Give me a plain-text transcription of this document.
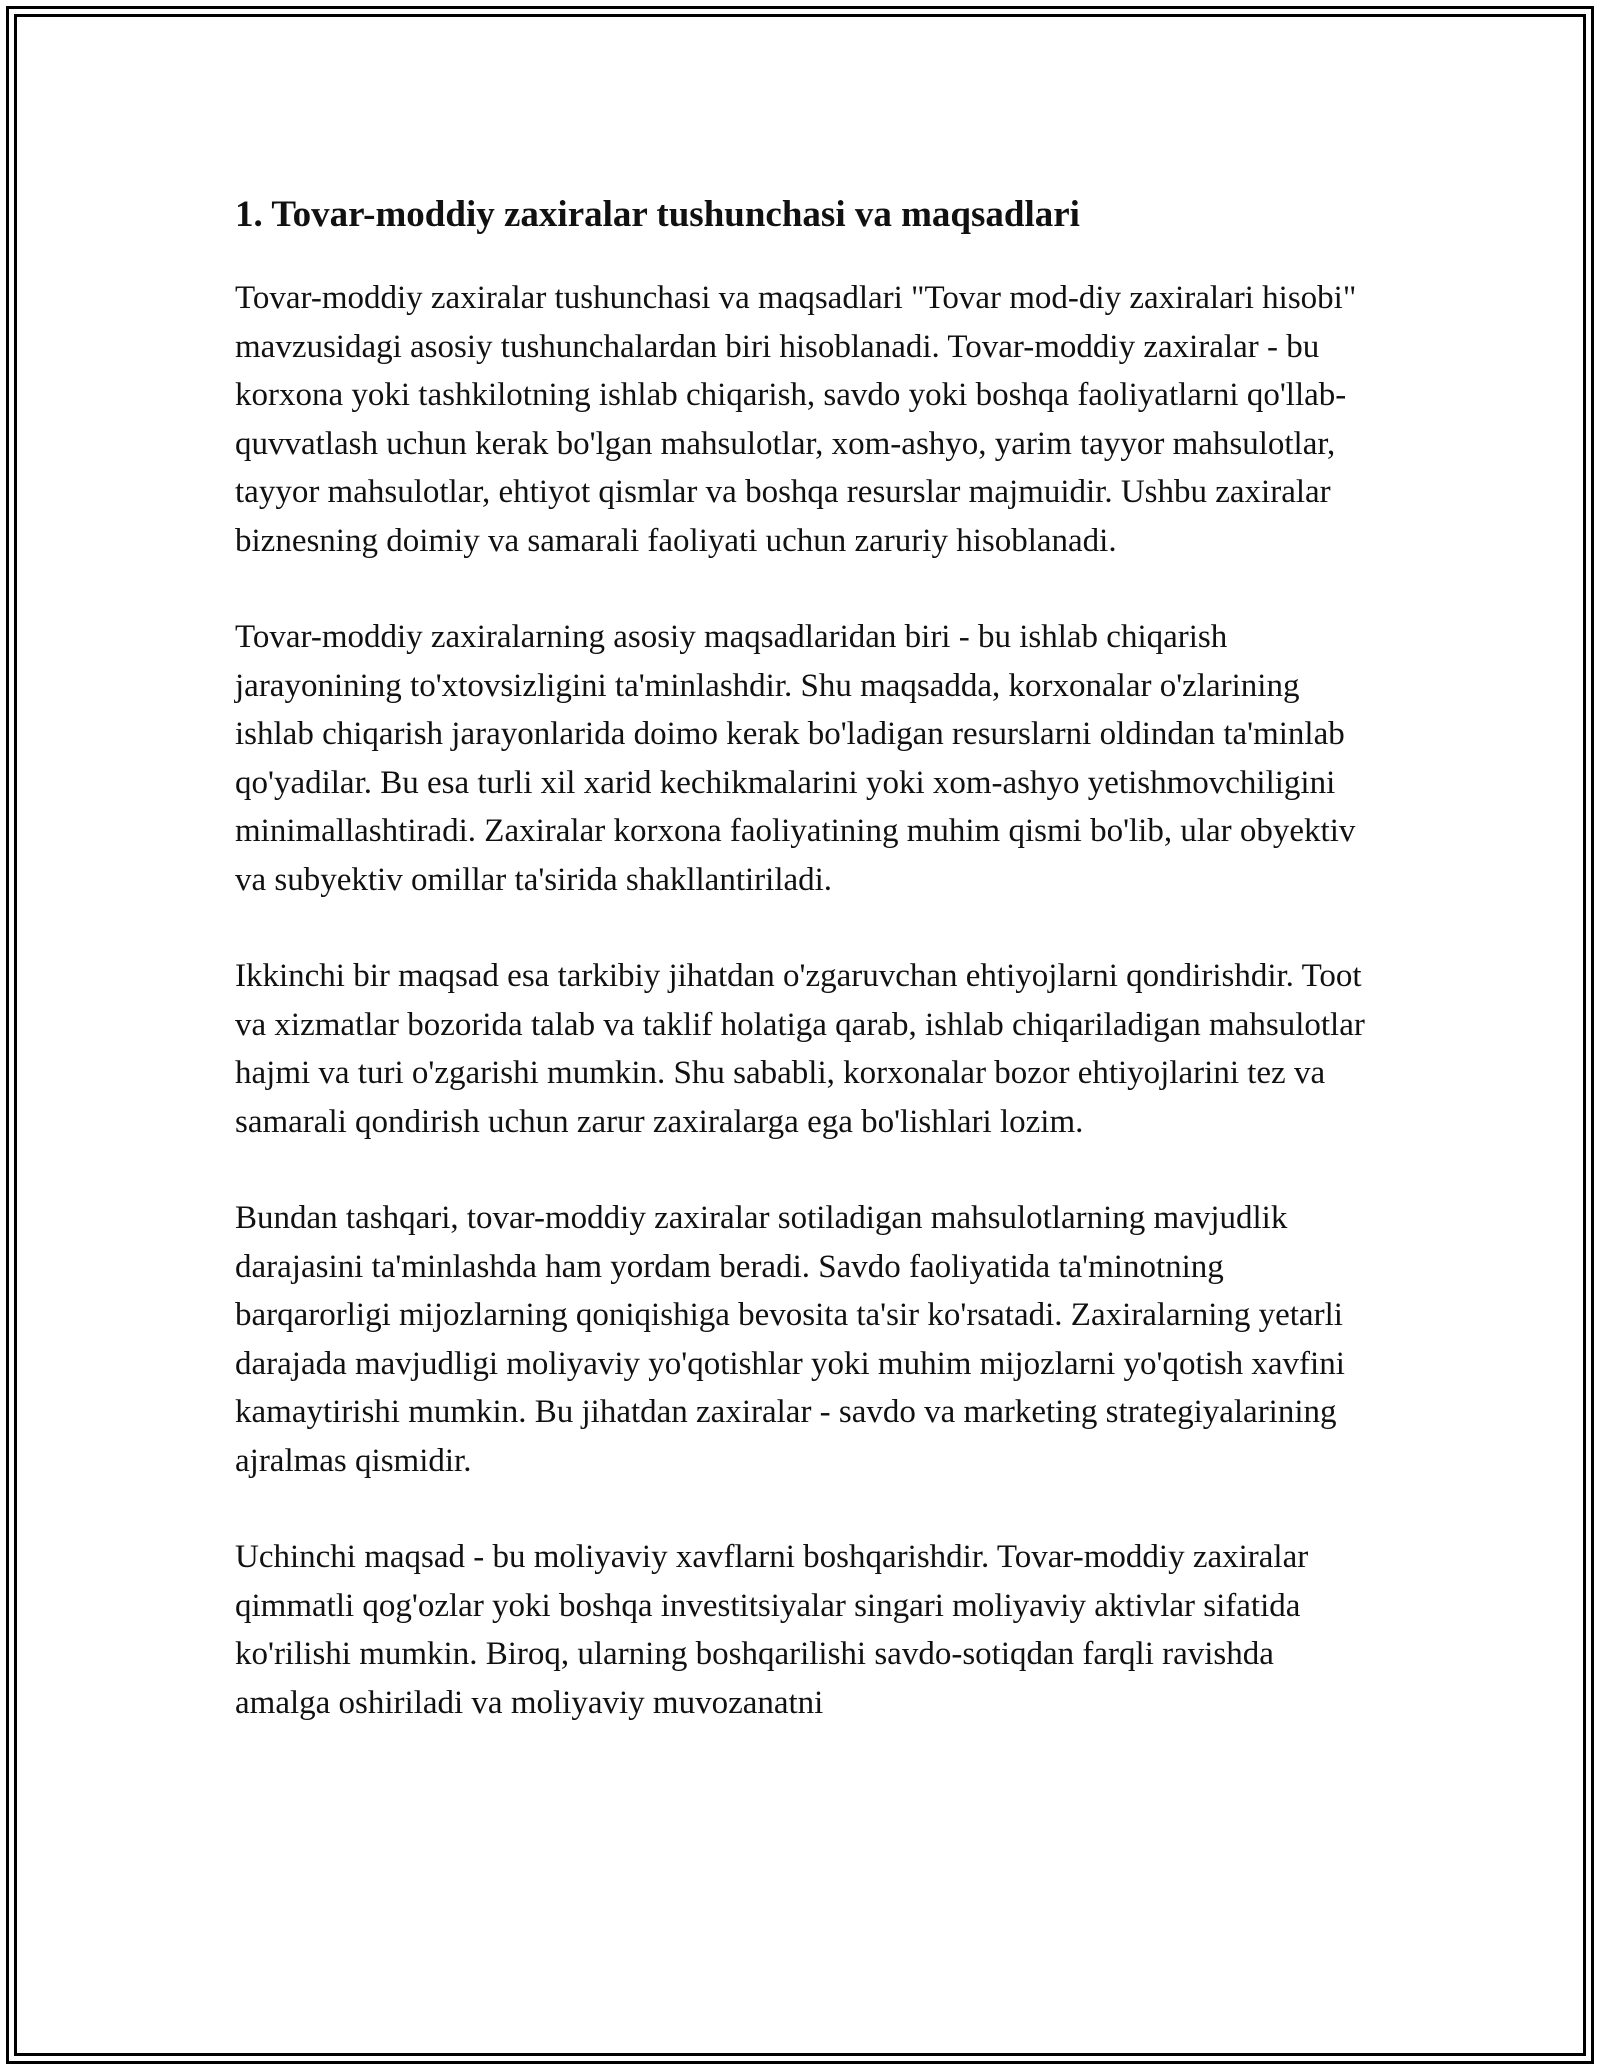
1. Tovar-moddiy zaxiralar tushunchasi va maqsadlari

Tovar-moddiy zaxiralar tushunchasi va maqsadlari "Tovar mod-diy zaxiralari hisobi" mavzusidagi asosiy tushunchalardan biri hisoblanadi. Tovar-moddiy zaxiralar - bu korxona yoki tashkilotning ishlab chiqarish, savdo yoki boshqa faoliyatlarni qo'llab-quvvatlash uchun kerak bo'lgan mahsulotlar, xom-ashyo, yarim tayyor mahsulotlar, tayyor mahsulotlar, ehtiyot qismlar va boshqa resurslar majmuidir. Ushbu zaxiralar biznesning doimiy va samarali faoliyati uchun zaruriy hisoblanadi.

Tovar-moddiy zaxiralarning asosiy maqsadlaridan biri - bu ishlab chiqarish jarayonining to'xtovsizligini ta'minlashdir. Shu maqsadda, korxonalar o'zlarining ishlab chiqarish jarayonlarida doimo kerak bo'ladigan resurslarni oldindan ta'minlab qo'yadilar. Bu esa turli xil xarid kechikmalarini yoki xom-ashyo yetishmovchiligini minimallashtiradi. Zaxiralar korxona faoliyatining muhim qismi bo'lib, ular obyektiv va subyektiv omillar ta'sirida shakllantiriladi.

Ikkinchi bir maqsad esa tarkibiy jihatdan o'zgaruvchan ehtiyojlarni qondirishdir. Toot va xizmatlar bozorida talab va taklif holatiga qarab, ishlab chiqariladigan mahsulotlar hajmi va turi o'zgarishi mumkin. Shu sababli, korxonalar bozor ehtiyojlarini tez va samarali qondirish uchun zarur zaxiralarga ega bo'lishlari lozim.

Bundan tashqari, tovar-moddiy zaxiralar sotiladigan mahsulotlarning mavjudlik darajasini ta'minlashda ham yordam beradi. Savdo faoliyatida ta'minotning barqarorligi mijozlarning qoniqishiga bevosita ta'sir ko'rsatadi. Zaxiralarning yetarli darajada mavjudligi moliyaviy yo'qotishlar yoki muhim mijozlarni yo'qotish xavfini kamaytirishi mumkin. Bu jihatdan zaxiralar - savdo va marketing strategiyalarining ajralmas qismidir.

Uchinchi maqsad - bu moliyaviy xavflarni boshqarishdir. Tovar-moddiy zaxiralar qimmatli qog'ozlar yoki boshqa investitsiyalar singari moliyaviy aktivlar sifatida ko'rilishi mumkin. Biroq, ularning boshqarilishi savdo-sotiqdan farqli ravishda amalga oshiriladi va moliyaviy muvozanatni
